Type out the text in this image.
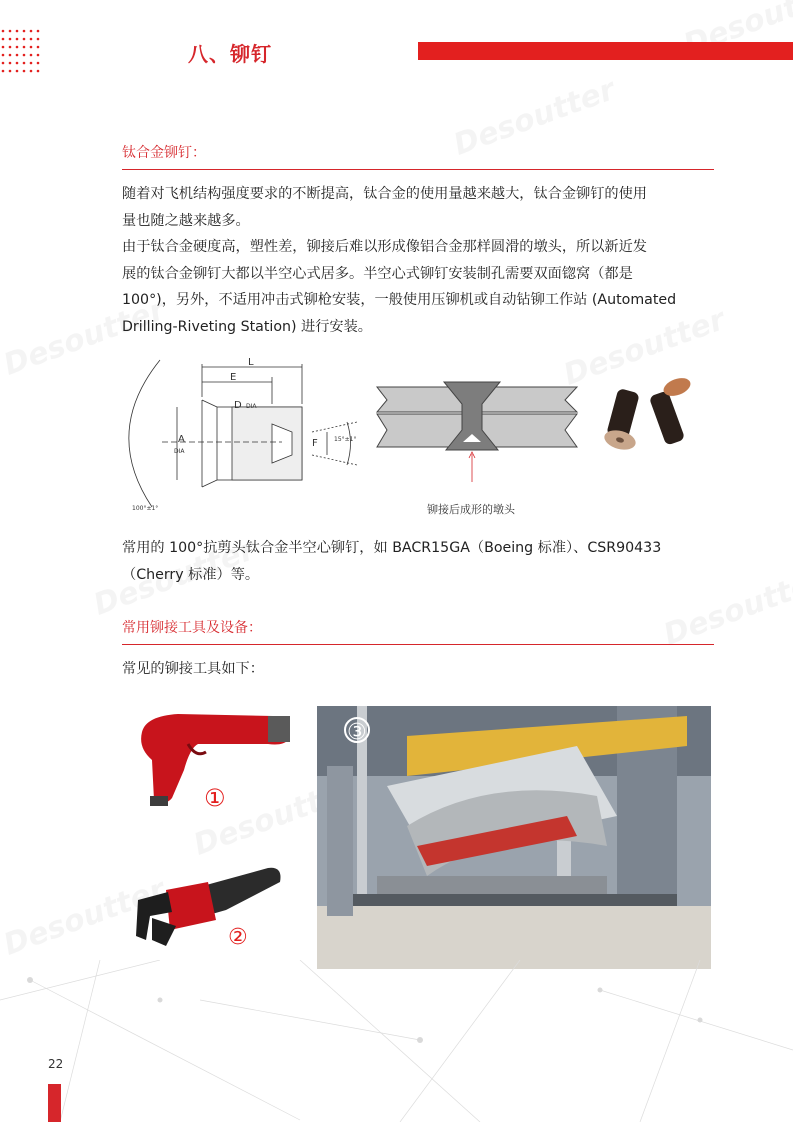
八、铆钉
钛合金铆钉：

随着对飞机结构强度要求的不断提高，钛合金的使用量越来越大，钛合金铆钉的使用
量也随之越来越多。
由于钛合金硬度高，塑性差，铆接后难以形成像铝合金那样圆滑的墩头，所以新近发
展的钛合金铆钉大都以半空心式居多。半空心式铆钉安装制孔需要双面锪窝（都是
100°)，另外，不适用冲击式铆枪安装，一般使用压铆机或自动钻铆工作站 (Automated
Drilling-Riveting Station) 进行安装。

L
E
D DIA
A
DIA
F	15°±1°
100°±1°	铆接后成形的墩头

常用的 100°抗剪头钛合金半空心铆钉，如 BACR15GA（Boeing 标准）、CSR90433
（Cherry 标准）等。

常用铆接工具及设备：
常见的铆接工具如下：
①
②
③
22
